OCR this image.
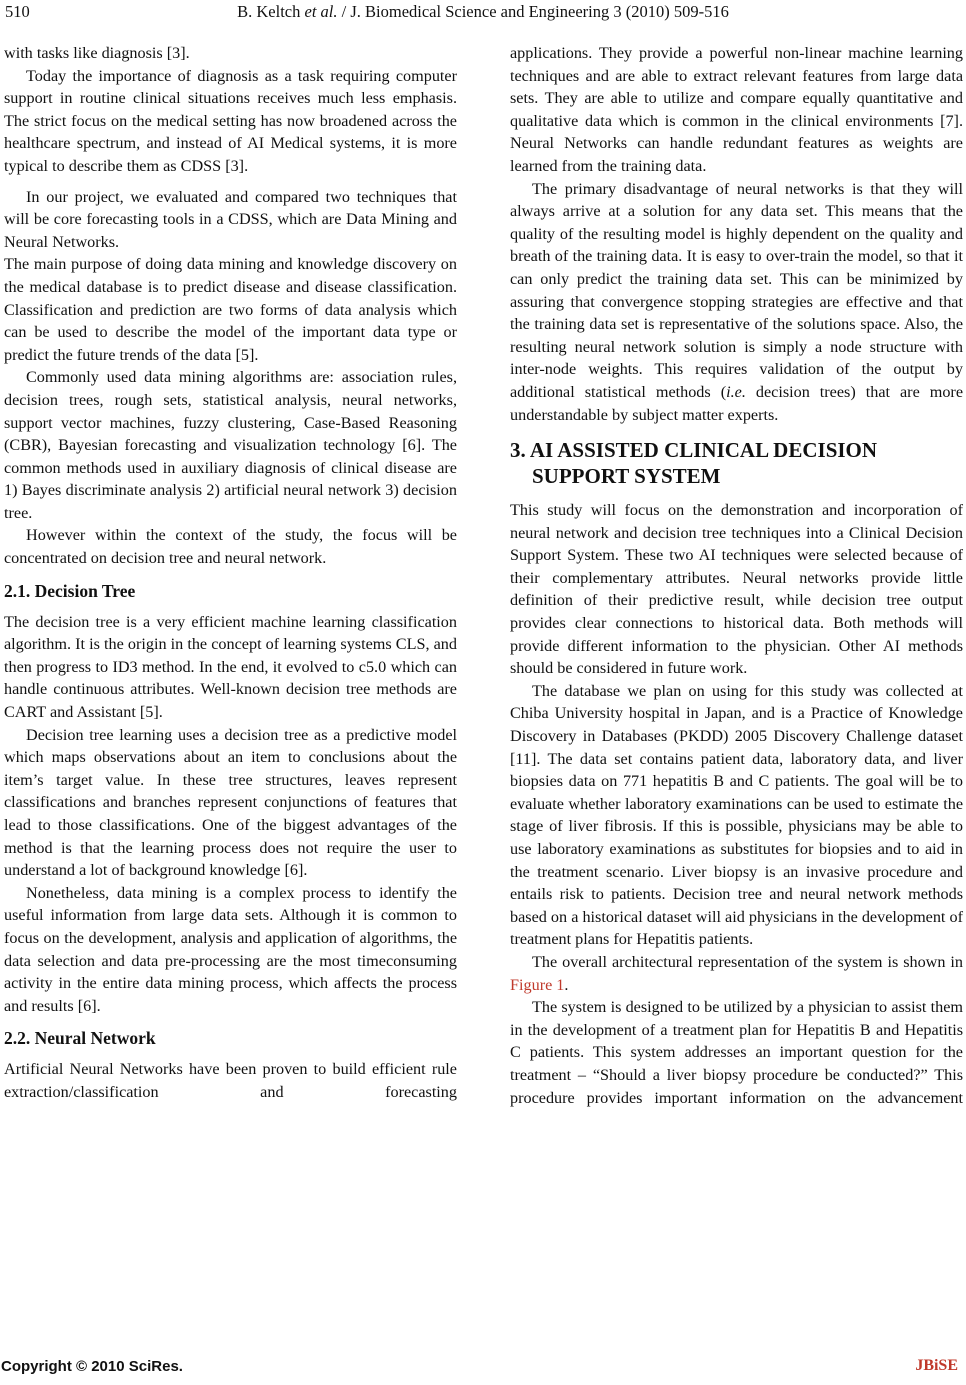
510	B. Keltch et al. / J. Biomedical Science and Engineering 3 (2010) 509-516

with tasks like diagnosis [3].

Today the importance of diagnosis as a task requiring computer support in routine clinical situations receives much less emphasis. The strict focus on the medical setting has now broadened across the healthcare spectrum, and instead of AI Medical systems, it is more typical to describe them as CDSS [3].

In our project, we evaluated and compared two techniques that will be core forecasting tools in a CDSS, which are Data Mining and Neural Networks.

The main purpose of doing data mining and knowledge discovery on the medical database is to predict disease and disease classification. Classification and prediction are two forms of data analysis which can be used to describe the model of the important data type or predict the future trends of the data [5].

Commonly used data mining algorithms are: association rules, decision trees, rough sets, statistical analysis, neural networks, support vector machines, fuzzy clustering, Case-Based Reasoning (CBR), Bayesian forecasting and visualization technology [6]. The common methods used in auxiliary diagnosis of clinical disease are 1) Bayes discriminate analysis 2) artificial neural network 3) decision tree.

However within the context of the study, the focus will be concentrated on decision tree and neural network.

2.1. Decision Tree

The decision tree is a very efficient machine learning classification algorithm. It is the origin in the concept of learning systems CLS, and then progress to ID3 method. In the end, it evolved to c5.0 which can handle continuous attributes. Well-known decision tree methods are CART and Assistant [5].

Decision tree learning uses a decision tree as a predictive model which maps observations about an item to conclusions about the item’s target value. In these tree structures, leaves represent classifications and branches represent conjunctions of features that lead to those classifications. One of the biggest advantages of the method is that the learning process does not require the user to understand a lot of background knowledge [6].

Nonetheless, data mining is a complex process to identify the useful information from large data sets. Although it is common to focus on the development, analysis and application of algorithms, the data selection and data pre-processing are the most timeconsuming activity in the entire data mining process, which affects the process and results [6].

2.2. Neural Network

Artificial Neural Networks have been proven to build efficient rule extraction/classification and forecasting

applications. They provide a powerful non-linear machine learning techniques and are able to extract relevant features from large data sets. They are able to utilize and compare equally quantitative and qualitative data which is common in the clinical environments [7]. Neural Networks can handle redundant features as weights are learned from the training data.

The primary disadvantage of neural networks is that they will always arrive at a solution for any data set. This means that the quality of the resulting model is highly dependent on the quality and breath of the training data. It is easy to over-train the model, so that it can only predict the training data set. This can be minimized by assuring that convergence stopping strategies are effective and that the training data set is representative of the solutions space. Also, the resulting neural network solution is simply a node structure with inter-node weights. This requires validation of the output by additional statistical methods (i.e. decision trees) that are more understandable by subject matter experts.

3. AI ASSISTED CLINICAL DECISION
SUPPORT SYSTEM

This study will focus on the demonstration and incorporation of neural network and decision tree techniques into a Clinical Decision Support System. These two AI techniques were selected because of their complementary attributes. Neural networks provide little definition of their predictive result, while decision tree output provides clear connections to historical data. Both methods will provide different information to the physician. Other AI methods should be considered in future work.

The database we plan on using for this study was collected at Chiba University hospital in Japan, and is a Practice of Knowledge Discovery in Databases (PKDD) 2005 Discovery Challenge dataset [11]. The data set contains patient data, laboratory data, and liver biopsies data on 771 hepatitis B and C patients. The goal will be to evaluate whether laboratory examinations can be used to estimate the stage of liver fibrosis. If this is possible, physicians may be able to use laboratory examinations as substitutes for biopsies and to aid in the treatment scenario. Liver biopsy is an invasive procedure and entails risk to patients. Decision tree and neural network methods based on a historical dataset will aid physicians in the development of treatment plans for Hepatitis patients.

The overall architectural representation of the system is shown in Figure 1.

The system is designed to be utilized by a physician to assist them in the development of a treatment plan for Hepatitis B and Hepatitis C patients. This system addresses an important question for the treatment – “Should a liver biopsy procedure be conducted?” This procedure provides important information on the advancement

Copyright © 2010 SciRes.	JBiSE
